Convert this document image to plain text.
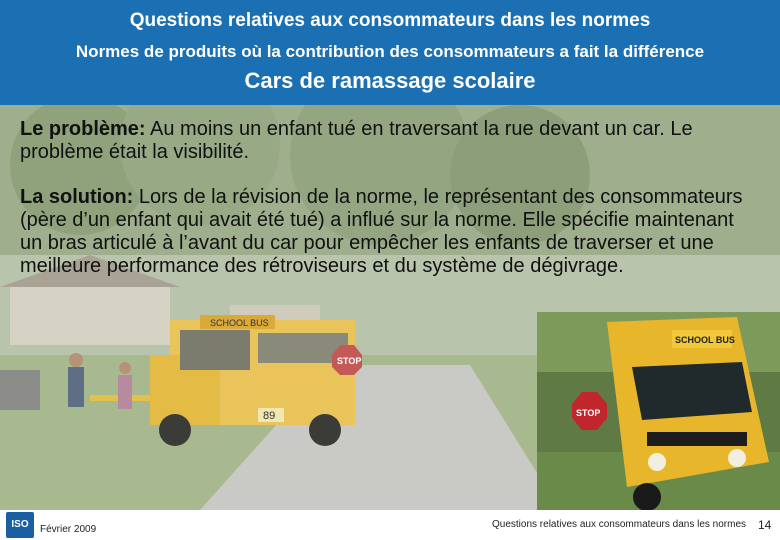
Questions relatives aux consommateurs dans les normes
Normes de produits où la contribution des consommateurs a fait la différence
Cars de ramassage scolaire
SCHOOL BUS
89
STOP
SCHOOL BUS
STOP
Le problème: Au moins un enfant tué en traversant la rue devant un car. Le problème était la visibilité.
La solution: Lors de la révision de la norme, le représentant des consommateurs (père d’un enfant qui avait été tué) a influé sur la norme. Elle spécifie maintenant un bras articulé à l’avant du car pour empêcher les enfants de traverser et une meilleure performance des rétroviseurs et du système de dégivrage.
ISO	Février 2009	Questions relatives aux consommateurs dans les normes 14
